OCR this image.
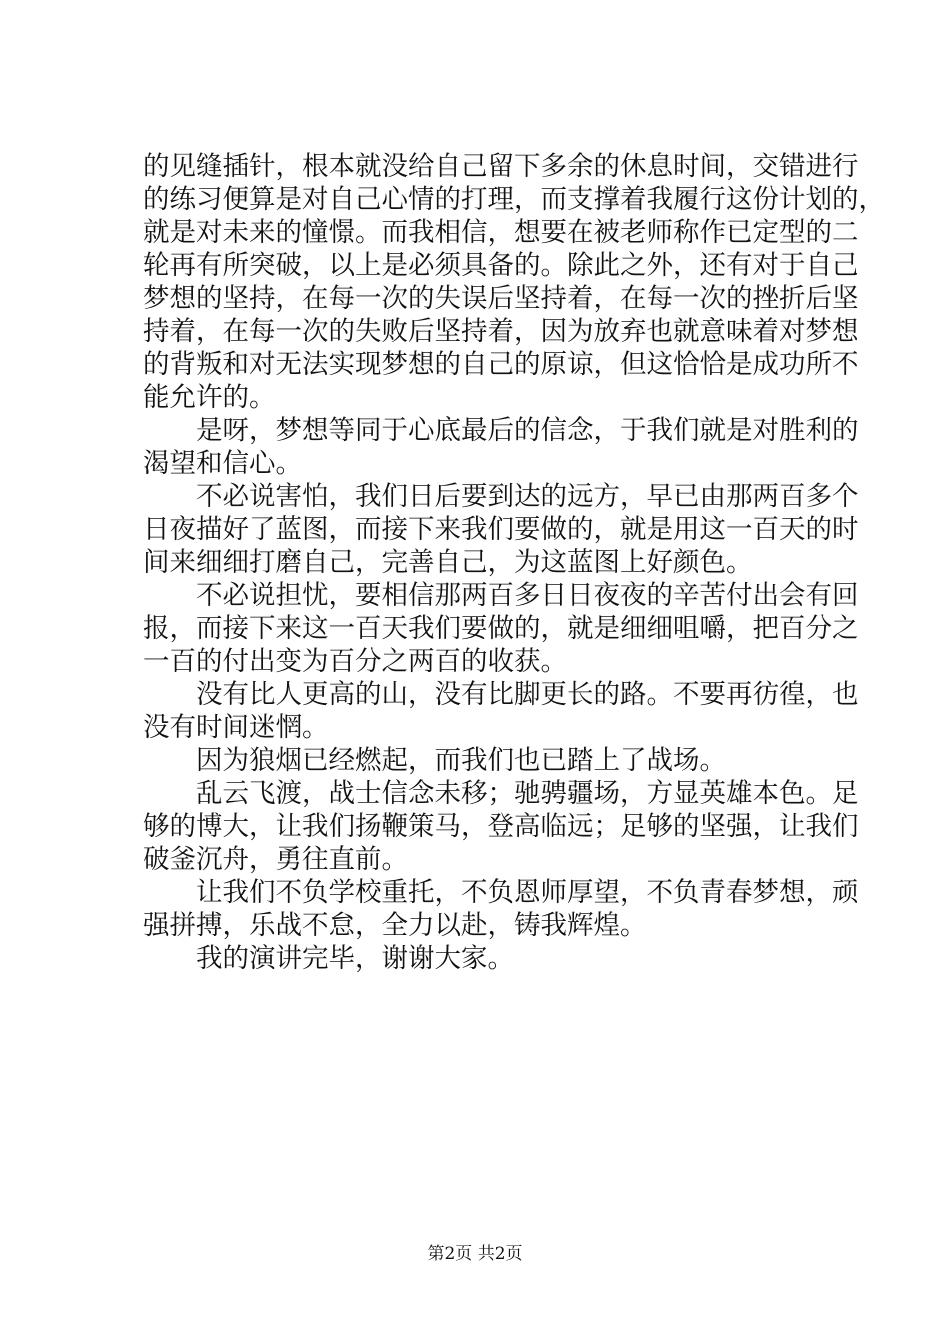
的见缝插针，根本就没给自己留下多余的休息时间，交错进行
的练习便算是对自己心情的打理，而支撑着我履行这份计划的，
就是对未来的憧憬。而我相信，想要在被老师称作已定型的二
轮再有所突破，以上是必须具备的。除此之外，还有对于自己
梦想的坚持，在每一次的失误后坚持着，在每一次的挫折后坚
持着，在每一次的失败后坚持着，因为放弃也就意味着对梦想
的背叛和对无法实现梦想的自己的原谅，但这恰恰是成功所不
能允许的。

　　是呀，梦想等同于心底最后的信念，于我们就是对胜利的
渴望和信心。

　　不必说害怕，我们日后要到达的远方，早已由那两百多个
日夜描好了蓝图，而接下来我们要做的，就是用这一百天的时
间来细细打磨自己，完善自己，为这蓝图上好颜色。

　　不必说担忧，要相信那两百多日日夜夜的辛苦付出会有回
报，而接下来这一百天我们要做的，就是细细咀嚼，把百分之
一百的付出变为百分之两百的收获。

　　没有比人更高的山，没有比脚更长的路。不要再彷徨，也
没有时间迷惘。

　　因为狼烟已经燃起，而我们也已踏上了战场。

　　乱云飞渡，战士信念未移；驰骋疆场，方显英雄本色。足
够的博大，让我们扬鞭策马，登高临远；足够的坚强，让我们
破釜沉舟，勇往直前。

　　让我们不负学校重托，不负恩师厚望，不负青春梦想，顽
强拼搏，乐战不怠，全力以赴，铸我辉煌。

　　我的演讲完毕，谢谢大家。

第2页 共2页
